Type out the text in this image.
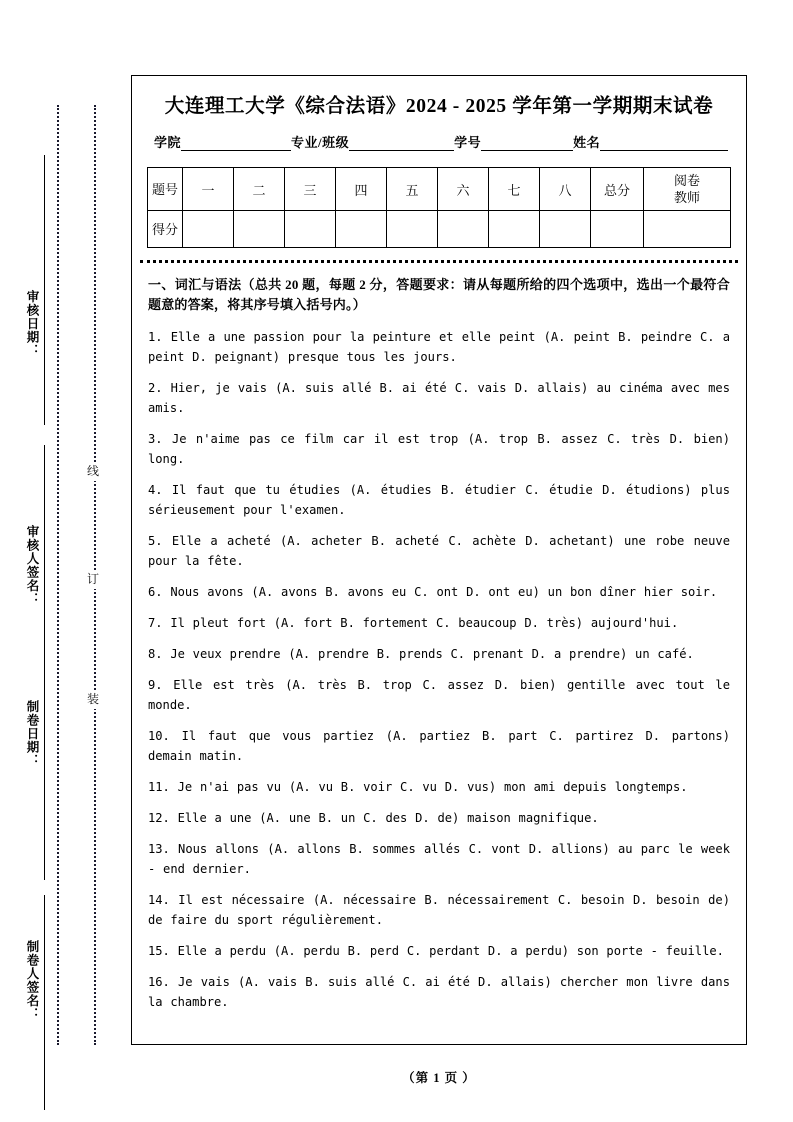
线
订
装
审核日期：
审核人签名：
制卷日期：
制卷人签名：
大连理工大学《综合法语》2024 - 2025 学年第一学期期末试卷
学院	专业/班级	学号	姓名
题号	一	二	三	四	五	六	七	八	总分	阅卷
教师

得分										

一、词汇与语法（总共 20 题，每题 2 分，答题要求：请从每题所给的四个选项中，选出一个最符合题意的答案，将其序号填入括号内。）

1. Elle a une passion pour la peinture et elle peint (A. peint B. peindre C. a peint D. peignant) presque tous les jours.

2. Hier, je vais (A. suis allé B. ai été C. vais D. allais) au cinéma avec mes amis.

3. Je n'aime pas ce film car il est trop (A. trop B. assez C. très D. bien) long.

4. Il faut que tu étudies (A. étudies B. étudier C. étudie D. étudions) plus sérieusement pour l'examen.

5. Elle a acheté (A. acheter B. acheté C. achète D. achetant) une robe neuve pour la fête.

6. Nous avons (A. avons B. avons eu C. ont D. ont eu) un bon dîner hier soir.

7. Il pleut fort (A. fort B. fortement C. beaucoup D. très) aujourd'hui.

8. Je veux prendre (A. prendre B. prends C. prenant D. a prendre) un café.

9. Elle est très (A. très B. trop C. assez D. bien) gentille avec tout le monde.

10. Il faut que vous partiez (A. partiez B. part C. partirez D. partons) demain matin.

11. Je n'ai pas vu (A. vu B. voir C. vu D. vus) mon ami depuis longtemps.

12. Elle a une (A. une B. un C. des D. de) maison magnifique.

13. Nous allons (A. allons B. sommes allés C. vont D. allions) au parc le week - end dernier.

14. Il est nécessaire (A. nécessaire B. nécessairement C. besoin D. besoin de) de faire du sport régulièrement.

15. Elle a perdu (A. perdu B. perd C. perdant D. a perdu) son porte - feuille.

16. Je vais (A. vais B. suis allé C. ai été D. allais) chercher mon livre dans la chambre.

（第 1 页 ）
